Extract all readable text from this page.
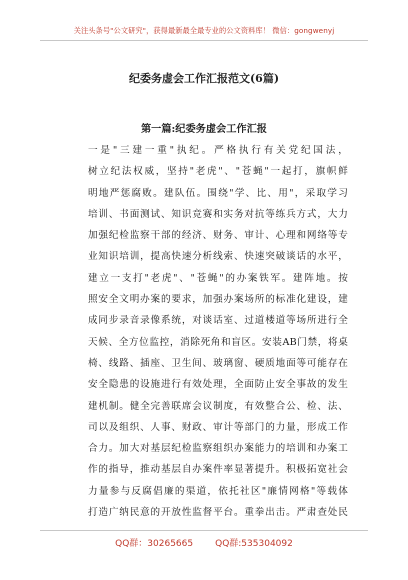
关注头条号"公文研究"，获得最新最全最专业的公文资料库！ 微信：gongwenyj
纪委务虚会工作汇报范文(6篇)
第一篇:纪委务虚会工作汇报
一是"三建一重"执纪。严格执行有关党纪国法，
树立纪法权威，坚持"老虎"、"苍蝇"一起打，旗帜鲜
明地严惩腐败。建队伍。围绕"学、比、用"，采取学习
培训、书面测试、知识竞赛和实务对抗等练兵方式，大力
加强纪检监察干部的经济、财务、审计、心理和网络等专
业知识培训，提高快速分析线索、快速突破谈话的水平，
建立一支打"老虎"、"苍蝇"的办案铁军。建阵地。按
照安全文明办案的要求，加强办案场所的标准化建设，建
成同步录音录像系统，对谈话室、过道楼道等场所进行全
天候、全方位监控，消除死角和盲区。安装AB门禁，将桌
椅、线路、插座、卫生间、玻璃窗、硬质地面等可能存在
安全隐患的设施进行有效处理，全面防止安全事故的发生
建机制。健全完善联席会议制度，有效整合公、检、法、
司以及组织、人事、财政、审计等部门的力量，形成工作
合力。加大对基层纪检监察组织办案能力的培训和办案工
作的指导，推动基层自办案件率显著提升。积极拓宽社会
力量参与反腐倡廉的渠道，依托社区"廉情网格"等载体
打造广纳民意的开放性监督平台。重拳出击。严肃查处民
QQ群：30265665 QQ群:535304092
